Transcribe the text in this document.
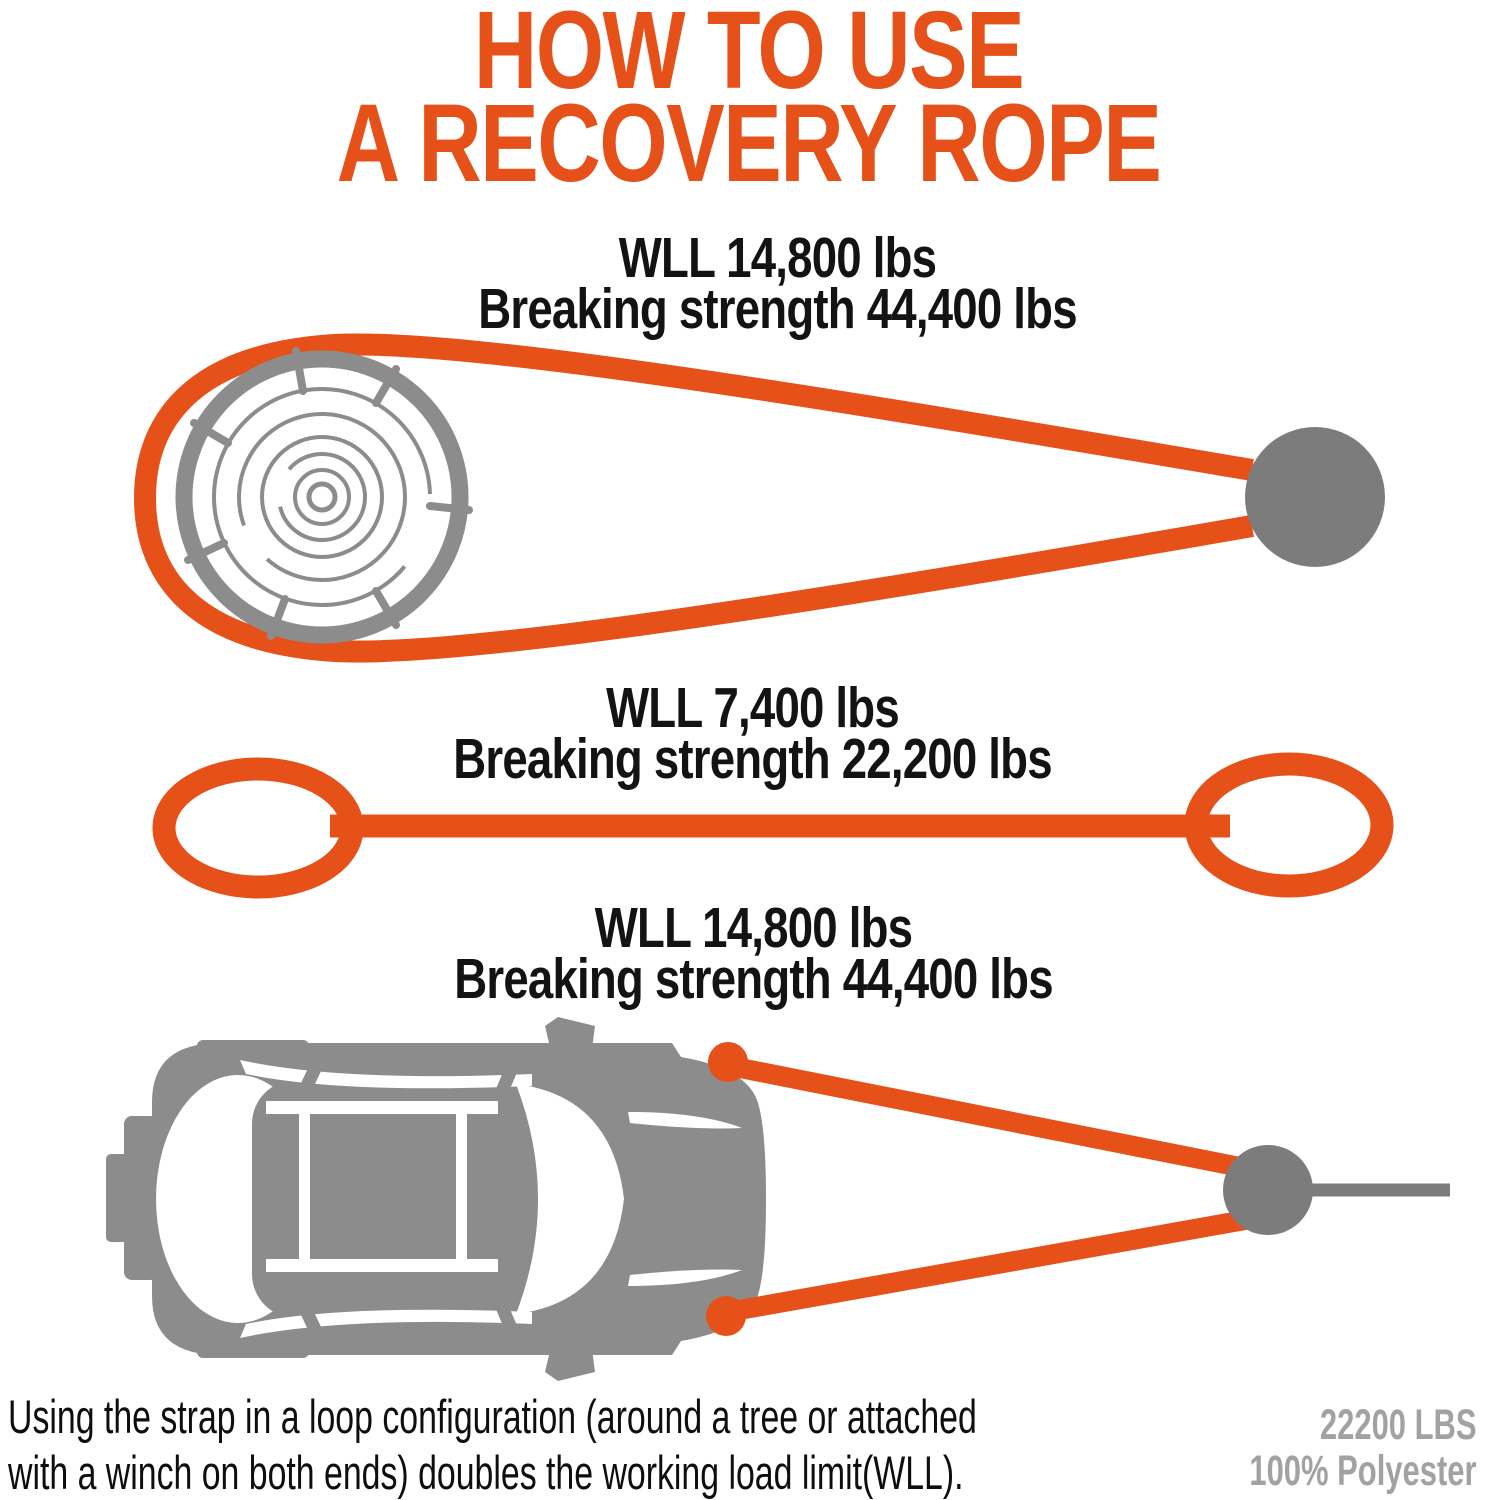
HOW TO USE
A RECOVERY ROPE
WLL 14,800 lbs
Breaking strength 44,400 lbs
WLL 7,400 lbs
Breaking strength 22,200 lbs
WLL 14,800 lbs
Breaking strength 44,400 lbs
Using the strap in a loop configuration (around a tree or attached
with a winch on both ends) doubles the working load limit(WLL).
22200 LBS
100% Polyester
